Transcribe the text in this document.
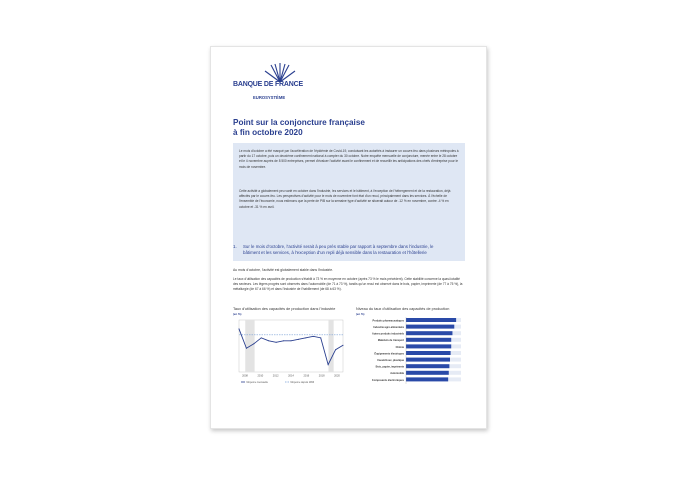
BANQUE DE FRANCE
EUROSYSTÈME
Point sur la conjoncture française
à fin octobre 2020

Le mois d'octobre a été marqué par l'accélération de l'épidémie de Covid-19, conduisant les autorités à instaurer un couvre-feu dans plusieurs métropoles à partir du 17 octobre, puis un deuxième confinement national à compter du 30 octobre. Notre enquête mensuelle de conjoncture, menée entre le 28 octobre et le 4 novembre auprès de 8 500 entreprises, permet d'évaluer l'activité avant le confinement et de recueillir les anticipations des chefs d'entreprise pour le mois de novembre.

Cette activité a globalement peu varié en octobre dans l'industrie, les services et le bâtiment, à l'exception de l'hébergement et de la restauration, déjà affectés par le couvre-feu. Les perspectives d'activité pour le mois de novembre font état d'un recul, principalement dans les services. À l'échelle de l'ensemble de l'économie, nous estimons que la perte de PIB sur la semaine type d'activité se situerait autour de -12 % en novembre, contre -4 % en octobre et -31 % en avril.

1. Sur le mois d'octobre, l'activité serait à peu près stable par rapport à septembre dans l'industrie, le bâtiment et les services, à l'exception d'un repli déjà sensible dans la restauration et l'hôtellerie
Au mois d'octobre, l'activité est globalement stable dans l'industrie.
Le taux d'utilisation des capacités de production s'établit à 73 % en moyenne en octobre (après 73 % le mois précédent). Cette stabilité concerne la quasi-totalité des secteurs. Les légers progrès sont observés dans l'automobile (de 71 à 73 %), tandis qu'un recul est observé dans le bois, papier, imprimerie (de 77 à 75 %), la métallurgie (de 67 à 66 %) et dans l'industrie de l'habillement (de 68 à 63 %).
Taux d'utilisation des capacités de production dans l'industrie
(en %)
2008	2010	2012	2014	2016	2018	2020
Moyenne mensuelle	Moyenne depuis 1996
Niveau du taux d'utilisation des capacités de production
(en %)
Produits pharmaceutiques
Industrie agro-alimentaire
Autres produits industriels
Matériels de transport
Chimie
Équipements électriques
Caoutchouc, plastique
Bois, papier, imprimerie
Automobile
Composants électroniques
